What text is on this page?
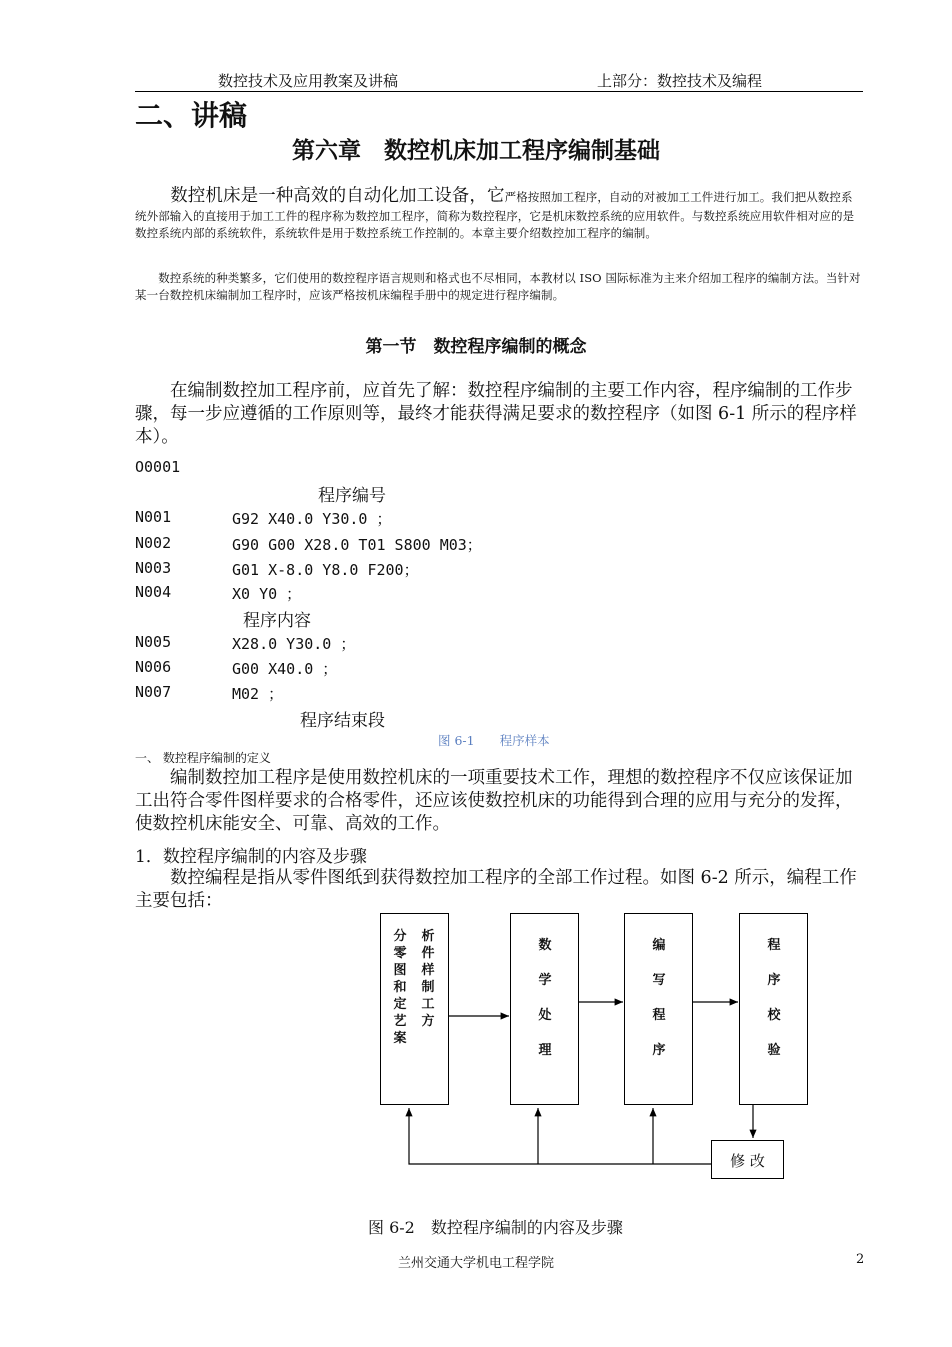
数控技术及应用教案及讲稿	上部分：数控技术及编程
二、讲稿
第六章　数控机床加工程序编制基础
　　数控机床是一种高效的自动化加工设备，它严格按照加工程序，自动的对被加工工件进行加工。我们把从数控系统外部输入的直接用于加工工件的程序称为数控加工程序，简称为数控程序，它是机床数控系统的应用软件。与数控系统应用软件相对应的是数控系统内部的系统软件，系统软件是用于数控系统工作控制的。本章主要介绍数控加工程序的编制。
　　数控系统的种类繁多，它们使用的数控程序语言规则和格式也不尽相同，本教材以 ISO 国际标准为主来介绍加工程序的编制方法。当针对某一台数控机床编制加工程序时，应该严格按机床编程手册中的规定进行程序编制。
第一节　数控程序编制的概念
　　在编制数控加工程序前，应首先了解：数控程序编制的主要工作内容，程序编制的工作步骤，每一步应遵循的工作原则等，最终才能获得满足要求的数控程序（如图 6-1 所示的程序样本）。
O0001
程序编号
N001	G92 X40.0 Y30.0 ；
N002	G90 G00 X28.0 T01 S800 M03；
N003	G01 X-8.0 Y8.0 F200；
N004	X0 Y0 ；
程序内容
N005	X28.0 Y30.0 ；
N006	G00 X40.0 ；
N007	M02 ；
程序结束段
图 6-1　　程序样本
一、 数控程序编制的定义
　　编制数控加工程序是使用数控机床的一项重要技术工作，理想的数控程序不仅应该保证加工出符合零件图样要求的合格零件，还应该使数控机床的功能得到合理的应用与充分的发挥，使数控机床能安全、可靠、高效的工作。
1．数控程序编制的内容及步骤
　　数控编程是指从零件图纸到获得数控加工程序的全部工作过程。如图 6-2 所示，编程工作主要包括：
分零图和定艺案
析件样制工方
数学处理
编写程序
程序校验
修 改
图 6-2　数控程序编制的内容及步骤
兰州交通大学机电工程学院	2
